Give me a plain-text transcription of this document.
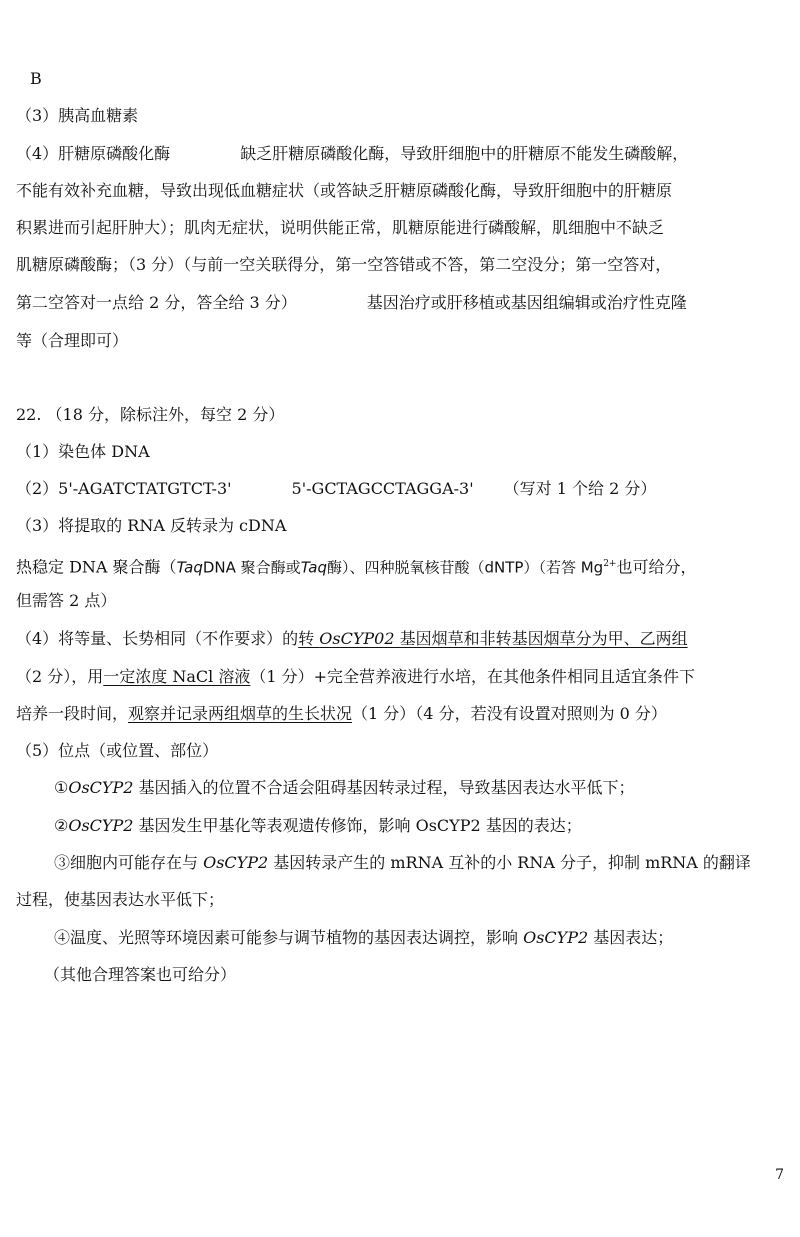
B
（3）胰高血糖素
（4）肝糖原磷酸化酶	缺乏肝糖原磷酸化酶，导致肝细胞中的肝糖原不能发生磷酸解，
不能有效补充血糖，导致出现低血糖症状（或答缺乏肝糖原磷酸化酶，导致肝细胞中的肝糖原
积累进而引起肝肿大）；肌肉无症状，说明供能正常，肌糖原能进行磷酸解，肌细胞中不缺乏
肌糖原磷酸酶；（3 分）（与前一空关联得分，第一空答错或不答，第二空没分；第一空答对，
第二空答对一点给 2 分，答全给 3 分）	基因治疗或肝移植或基因组编辑或治疗性克隆
等（合理即可）
22. （18 分，除标注外，每空 2 分）
（1）染色体 DNA
（2）5'-AGATCTATGTCT-3'	5'-GCTAGCCTAGGA-3' （写对 1 个给 2 分）
（3）将提取的 RNA 反转录为 cDNA
热稳定 DNA 聚合酶（TaqDNA 聚合酶或Taq酶）、四种脱氧核苷酸（dNTP）（若答 $Mg^{2+}$也可给分，
但需答 2 点）
（4）将等量、长势相同（不作要求）的转 OsCYP02 基因烟草和非转基因烟草分为甲、乙两组
（2 分），用一定浓度 NaCl 溶液（1 分）+完全营养液进行水培，在其他条件相同且适宜条件下
培养一段时间，观察并记录两组烟草的生长状况（1 分）（4 分，若没有设置对照则为 0 分）
（5）位点（或位置、部位）
①OsCYP2 基因插入的位置不合适会阻碍基因转录过程，导致基因表达水平低下；
②OsCYP2 基因发生甲基化等表观遗传修饰，影响 OsCYP2 基因的表达；
③细胞内可能存在与 OsCYP2 基因转录产生的 mRNA 互补的小 RNA 分子，抑制 mRNA 的翻译
过程，使基因表达水平低下；
④温度、光照等环境因素可能参与调节植物的基因表达调控，影响 OsCYP2 基因表达；
（其他合理答案也可给分）
7
